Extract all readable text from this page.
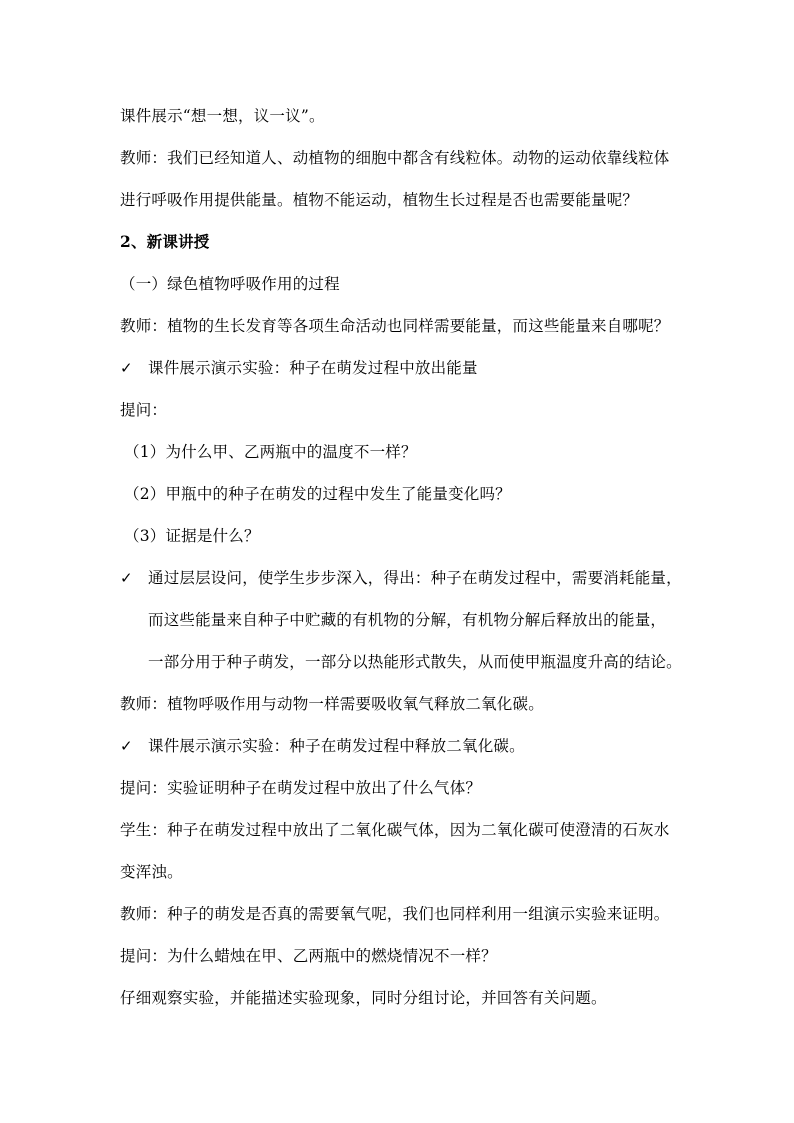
课件展示“想一想，议一议”。
教师：我们已经知道人、动植物的细胞中都含有线粒体。动物的运动依靠线粒体
进行呼吸作用提供能量。植物不能运动，植物生长过程是否也需要能量呢？
2、新课讲授
（一）绿色植物呼吸作用的过程
教师：植物的生长发育等各项生命活动也同样需要能量，而这些能量来自哪呢？
✓ 课件展示演示实验：种子在萌发过程中放出能量
提问：
（1）为什么甲、乙两瓶中的温度不一样？
（2）甲瓶中的种子在萌发的过程中发生了能量变化吗？
（3）证据是什么？
✓ 通过层层设问，使学生步步深入，得出：种子在萌发过程中，需要消耗能量，
而这些能量来自种子中贮藏的有机物的分解，有机物分解后释放出的能量，
一部分用于种子萌发，一部分以热能形式散失，从而使甲瓶温度升高的结论。
教师：植物呼吸作用与动物一样需要吸收氧气释放二氧化碳。
✓ 课件展示演示实验：种子在萌发过程中释放二氧化碳。
提问：实验证明种子在萌发过程中放出了什么气体？
学生：种子在萌发过程中放出了二氧化碳气体，因为二氧化碳可使澄清的石灰水
变浑浊。
教师：种子的萌发是否真的需要氧气呢，我们也同样利用一组演示实验来证明。
提问：为什么蜡烛在甲、乙两瓶中的燃烧情况不一样？
仔细观察实验，并能描述实验现象，同时分组讨论，并回答有关问题。
